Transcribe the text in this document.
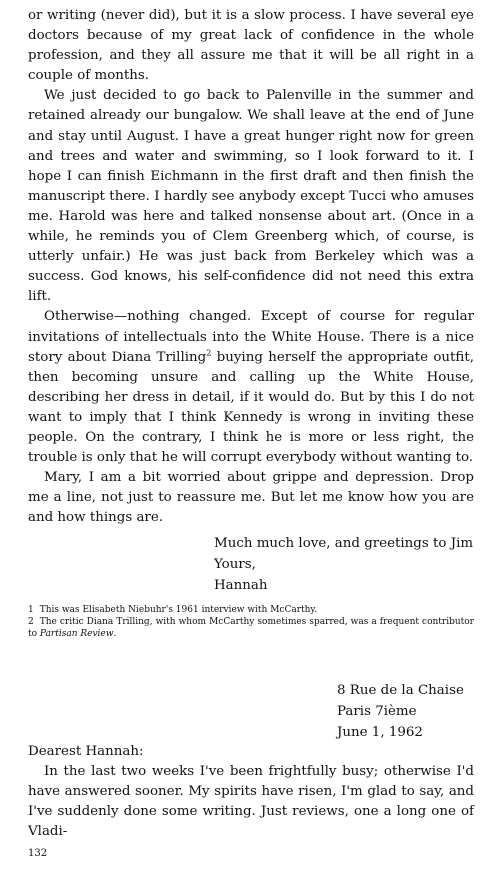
or writing (never did), but it is a slow process. I have several eye doctors because of my great lack of confidence in the whole profession, and they all assure me that it will be all right in a couple of months.

We just decided to go back to Palenville in the summer and retained already our bungalow. We shall leave at the end of June and stay until August. I have a great hunger right now for green and trees and water and swimming, so I look forward to it. I hope I can finish Eichmann in the first draft and then finish the manuscript there. I hardly see anybody except Tucci who amuses me. Harold was here and talked nonsense about art. (Once in a while, he reminds you of Clem Greenberg which, of course, is utterly unfair.) He was just back from Berkeley which was a success. God knows, his self-confidence did not need this extra lift.

Otherwise—nothing changed. Except of course for regular invitations of intellectuals into the White House. There is a nice story about Diana Trilling$^2$ buying herself the appropriate outfit, then becoming unsure and calling up the White House, describing her dress in detail, if it would do. But by this I do not want to imply that I think Kennedy is wrong in inviting these people. On the contrary, I think he is more or less right, the trouble is only that he will corrupt everybody without wanting to.

Mary, I am a bit worried about grippe and depression. Drop me a line, not just to reassure me. But let me know how you are and how things are.

Much much love, and greetings to Jim
Yours,
Hannah

1 This was Elisabeth Niebuhr's 1961 interview with McCarthy.

2 The critic Diana Trilling, with whom McCarthy sometimes sparred, was a frequent contributor to Partisan Review.

8 Rue de la Chaise
Paris 7ième
June 1, 1962

Dearest Hannah:

In the last two weeks I've been frightfully busy; otherwise I'd have answered sooner. My spirits have risen, I'm glad to say, and I've suddenly done some writing. Just reviews, one a long one of Vladi-

132
